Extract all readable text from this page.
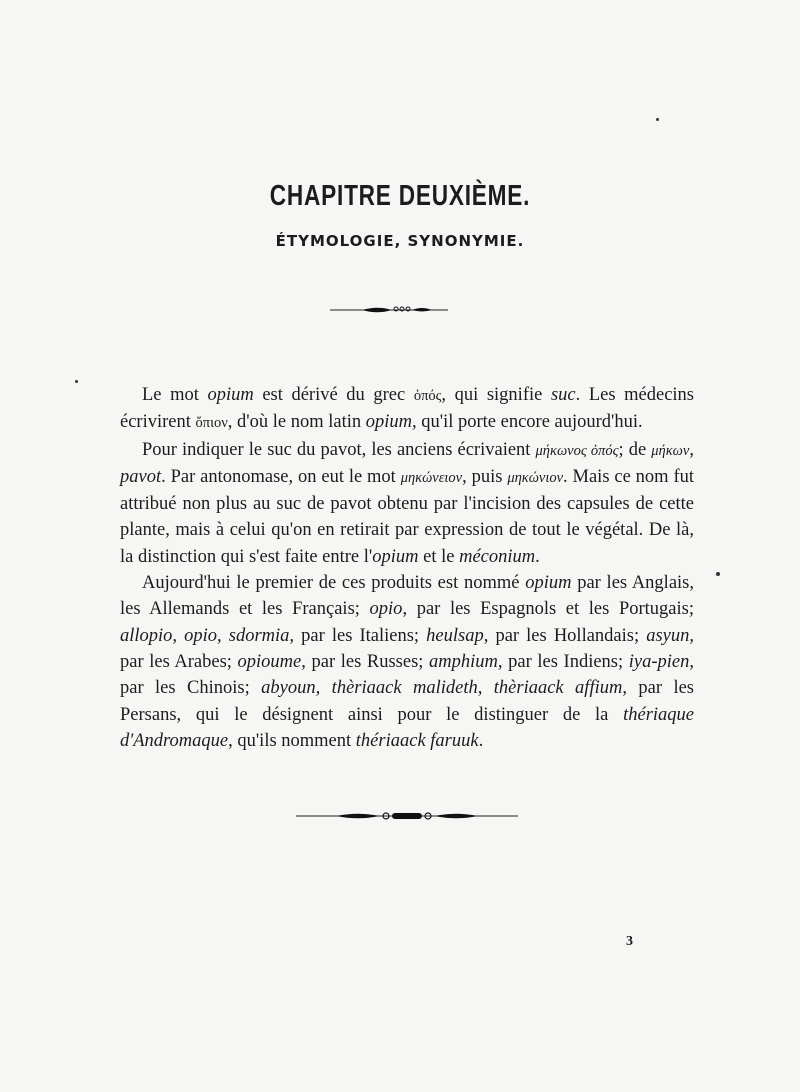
CHAPITRE DEUXIÈME.
ÉTYMOLOGIE, SYNONYMIE.

Le mot opium est dérivé du grec ὀπός, qui signifie suc. Les médecins écrivirent ὄπιον, d'où le nom latin opium, qu'il porte encore aujourd'hui.

Pour indiquer le suc du pavot, les anciens écrivaient μήκωνος ὀπός; de μήκων, pavot. Par antonomase, on eut le mot μηκώνειον, puis μηκώνιον. Mais ce nom fut attribué non plus au suc de pavot obtenu par l'incision des capsules de cette plante, mais à celui qu'on en retirait par expression de tout le végétal. De là, la distinction qui s'est faite entre l'opium et le méconium.

Aujourd'hui le premier de ces produits est nommé opium par les Anglais, les Allemands et les Français; opio, par les Espagnols et les Portugais; allopio, opio, sdormia, par les Italiens; heulsap, par les Hollandais; asyun, par les Arabes; opioume, par les Russes; amphium, par les Indiens; iya-pien, par les Chinois; abyoun, thèriaack malideth, thèriaack affium, par les Persans, qui le désignent ainsi pour le distinguer de la thériaque d'Andromaque, qu'ils nomment thériaack faruuk.

3
